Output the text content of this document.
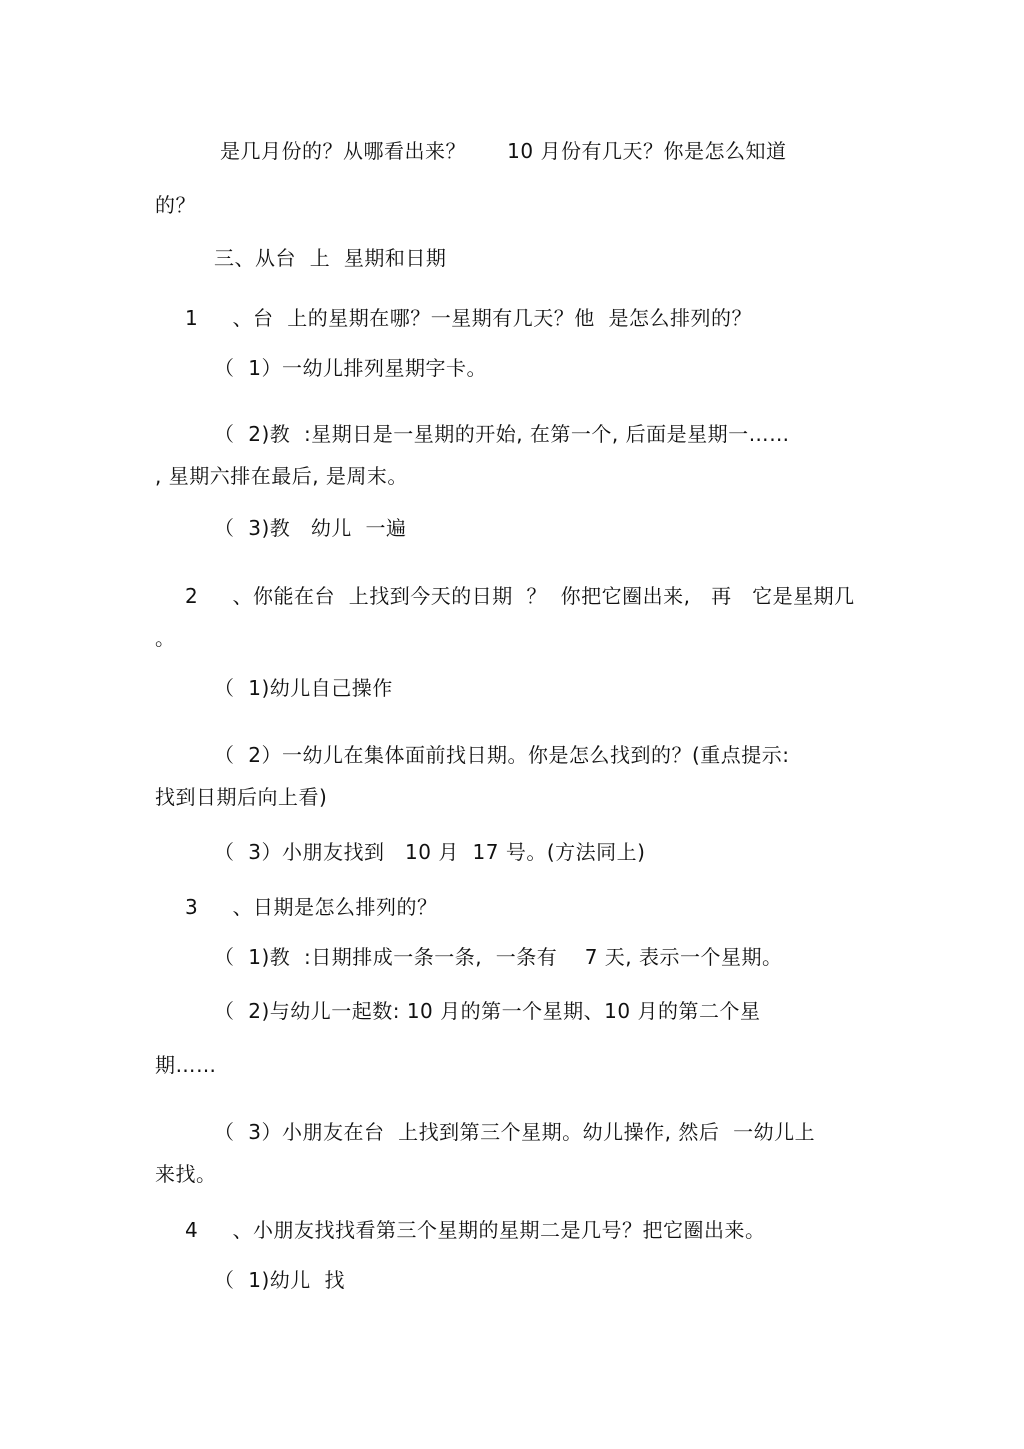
是几月份的？从哪看出来？      10 月份有几天？你是怎么知道
的？
三、从台  上  星期和日期
1     、台  上的星期在哪？一星期有几天？他  是怎么排列的？
（  1）一幼儿排列星期字卡。
（  2)教  :星期日是一星期的开始, 在第一个, 后面是星期一……
, 星期六排在最后, 是周末。
（  3)教   幼儿  一遍
2     、你能在台  上找到今天的日期  ？  你把它圈出来,   再   它是星期几
。
（  1)幼儿自己操作
（  2）一幼儿在集体面前找日期。你是怎么找到的？(重点提示:
找到日期后向上看)
（  3）小朋友找到   10 月  17 号。(方法同上)
3     、日期是怎么排列的？
（  1)教  :日期排成一条一条,  一条有    7 天, 表示一个星期。
（  2)与幼儿一起数: 10 月的第一个星期、10 月的第二个星
期……
（  3）小朋友在台  上找到第三个星期。幼儿操作, 然后  一幼儿上
来找。
4     、小朋友找找看第三个星期的星期二是几号？把它圈出来。
（  1)幼儿  找
